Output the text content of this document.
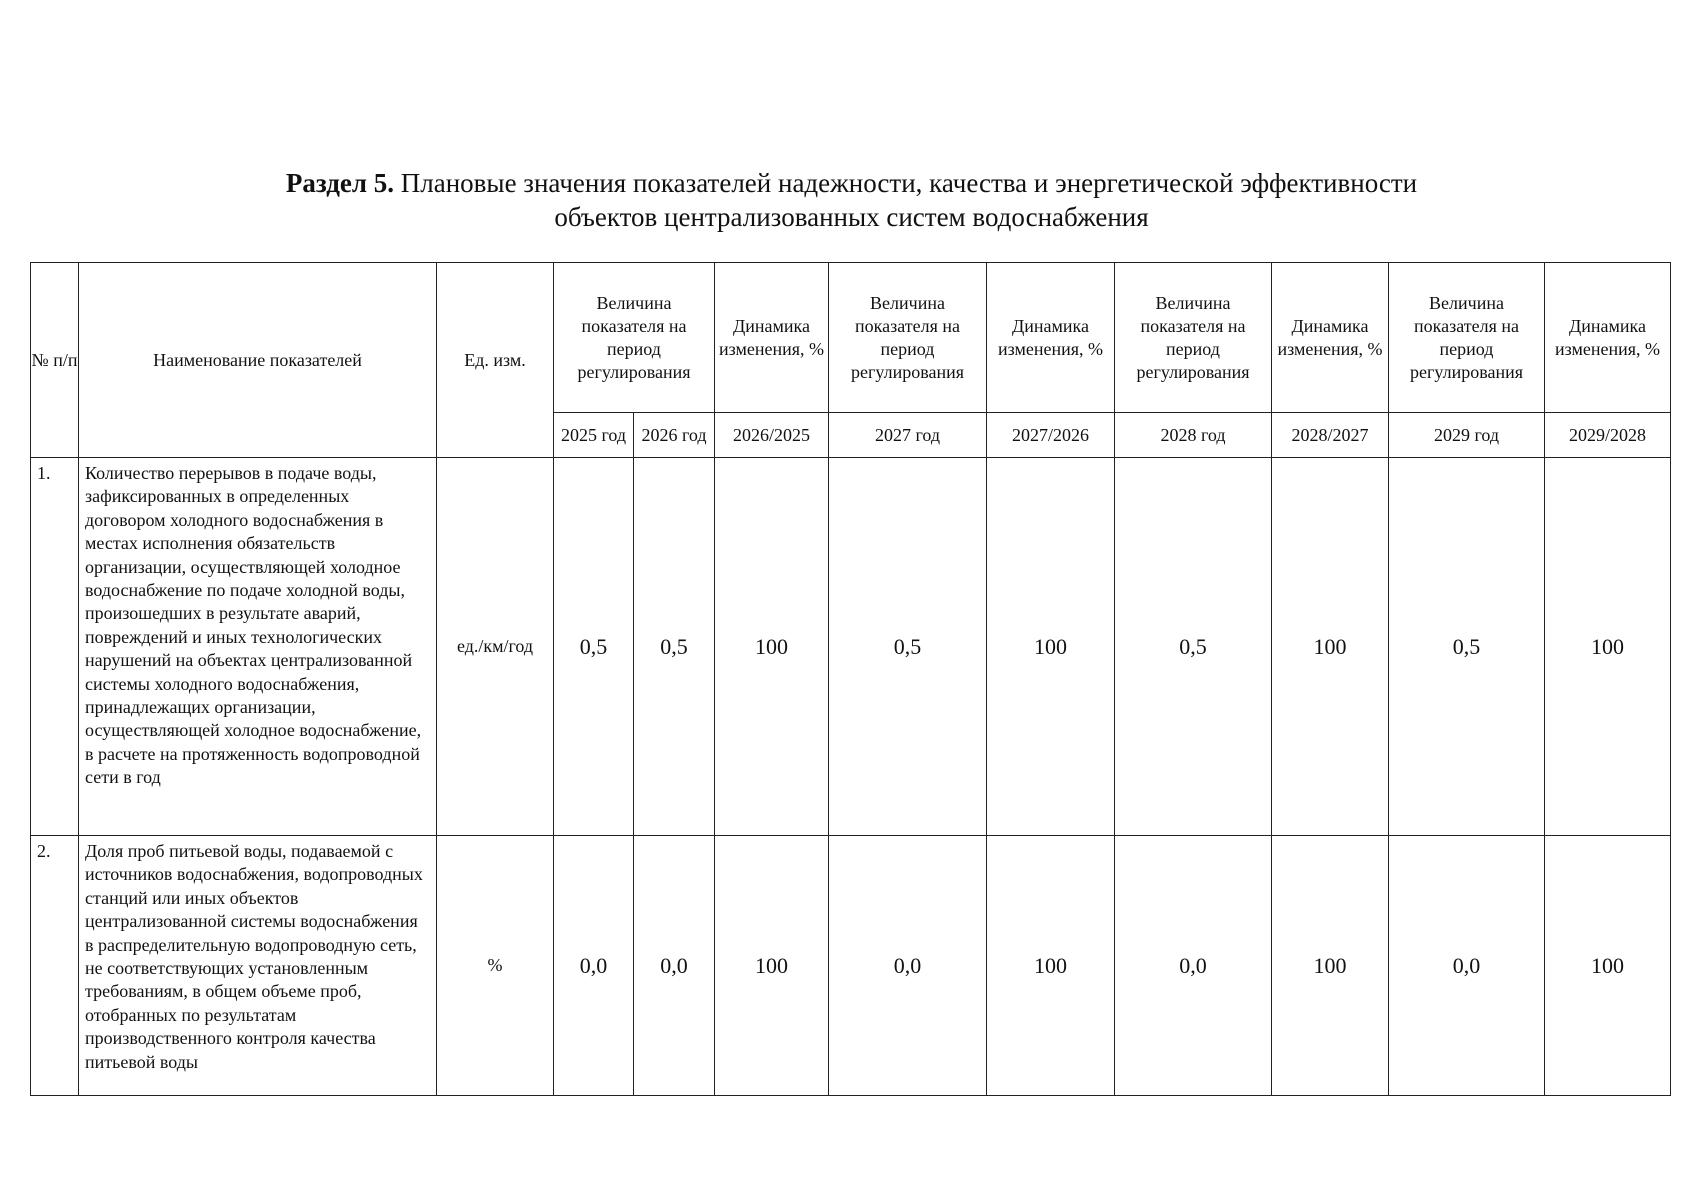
Раздел 5. Плановые значения показателей надежности, качества и энергетической эффективности
объектов централизованных систем водоснабжения
№ п/п	Наименование показателей	Ед. изм.	Величина показателя на период регулирования		Динамика изменения, %	Величина показателя на период регулирования	Динамика изменения, %	Величина показателя на период регулирования	Динамика изменения, %	Величина показателя на период регулирования	Динамика изменения, %
			2025 год	2026 год	2026/2025	2027 год	2027/2026	2028 год	2028/2027	2029 год	2029/2028
1.	Количество перерывов в подаче воды, зафиксированных в определенных договором холодного водоснабжения в местах исполнения обязательств организации, осуществляющей холодное водоснабжение по подаче холодной воды, произошедших в результате аварий, повреждений и иных технологических нарушений на объектах централизованной системы холодного водоснабжения, принадлежащих организации, осуществляющей холодное водоснабжение, в расчете на протяженность водопроводной сети в год	ед./км/год	0,5	0,5	100	0,5	100	0,5	100	0,5	100
2.	Доля проб питьевой воды, подаваемой с источников водоснабжения, водопроводных станций или иных объектов централизованной системы водоснабжения в распределительную водопроводную сеть, не соответствующих установленным требованиям, в общем объеме проб, отобранных по результатам производственного контроля качества питьевой воды	%	0,0	0,0	100	0,0	100	0,0	100	0,0	100
